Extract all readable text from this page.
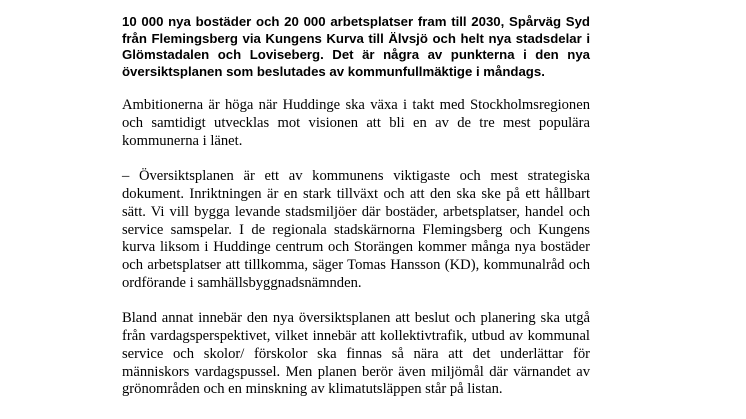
10 000 nya bostäder och 20 000 arbetsplatser fram till 2030, Spårväg Syd från Flemingsberg via Kungens Kurva till Älvsjö och helt nya stadsdelar i Glömstadalen och Loviseberg. Det är några av punkterna i den nya översiktsplanen som beslutades av kommunfullmäktige i måndags.

Ambitionerna är höga när Huddinge ska växa i takt med Stockholmsregionen och samtidigt utvecklas mot visionen att bli en av de tre mest populära kommunerna i länet.

– Översiktsplanen är ett av kommunens viktigaste och mest strategiska dokument. Inriktningen är en stark tillväxt och att den ska ske på ett hållbart sätt. Vi vill bygga levande stadsmiljöer där bostäder, arbetsplatser, handel och service samspelar. I de regionala stadskärnorna Flemingsberg och Kungens kurva liksom i Huddinge centrum och Storängen kommer många nya bostäder och arbetsplatser att tillkomma, säger Tomas Hansson (KD), kommunalråd och ordförande i samhällsbyggnadsnämnden.

Bland annat innebär den nya översiktsplanen att beslut och planering ska utgå från vardagsperspektivet, vilket innebär att kollektivtrafik, utbud av kommunal service och skolor/ förskolor ska finnas så nära att det underlättar för människors vardagspussel. Men planen berör även miljömål där värnandet av grönområden och en minskning av klimatutsläppen står på listan.
